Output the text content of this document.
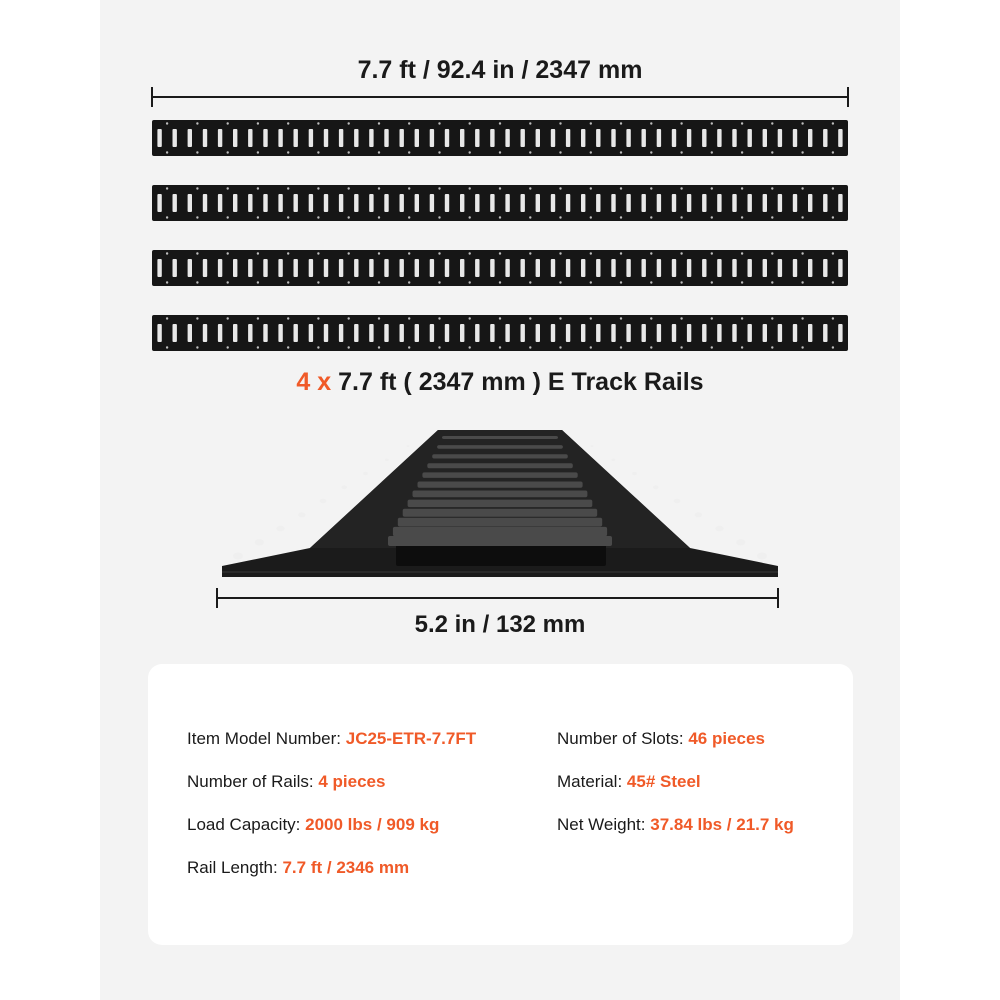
7.7 ft / 92.4 in / 2347 mm
4 x 7.7 ft ( 2347 mm ) E Track Rails
5.2 in / 132 mm
Item Model Number: JC25-ETR-7.7FT
Number of Rails: 4 pieces
Load Capacity: 2000 lbs / 909 kg
Rail Length: 7.7 ft / 2346 mm
Number of Slots: 46 pieces
Material: 45# Steel
Net Weight: 37.84 lbs / 21.7 kg
